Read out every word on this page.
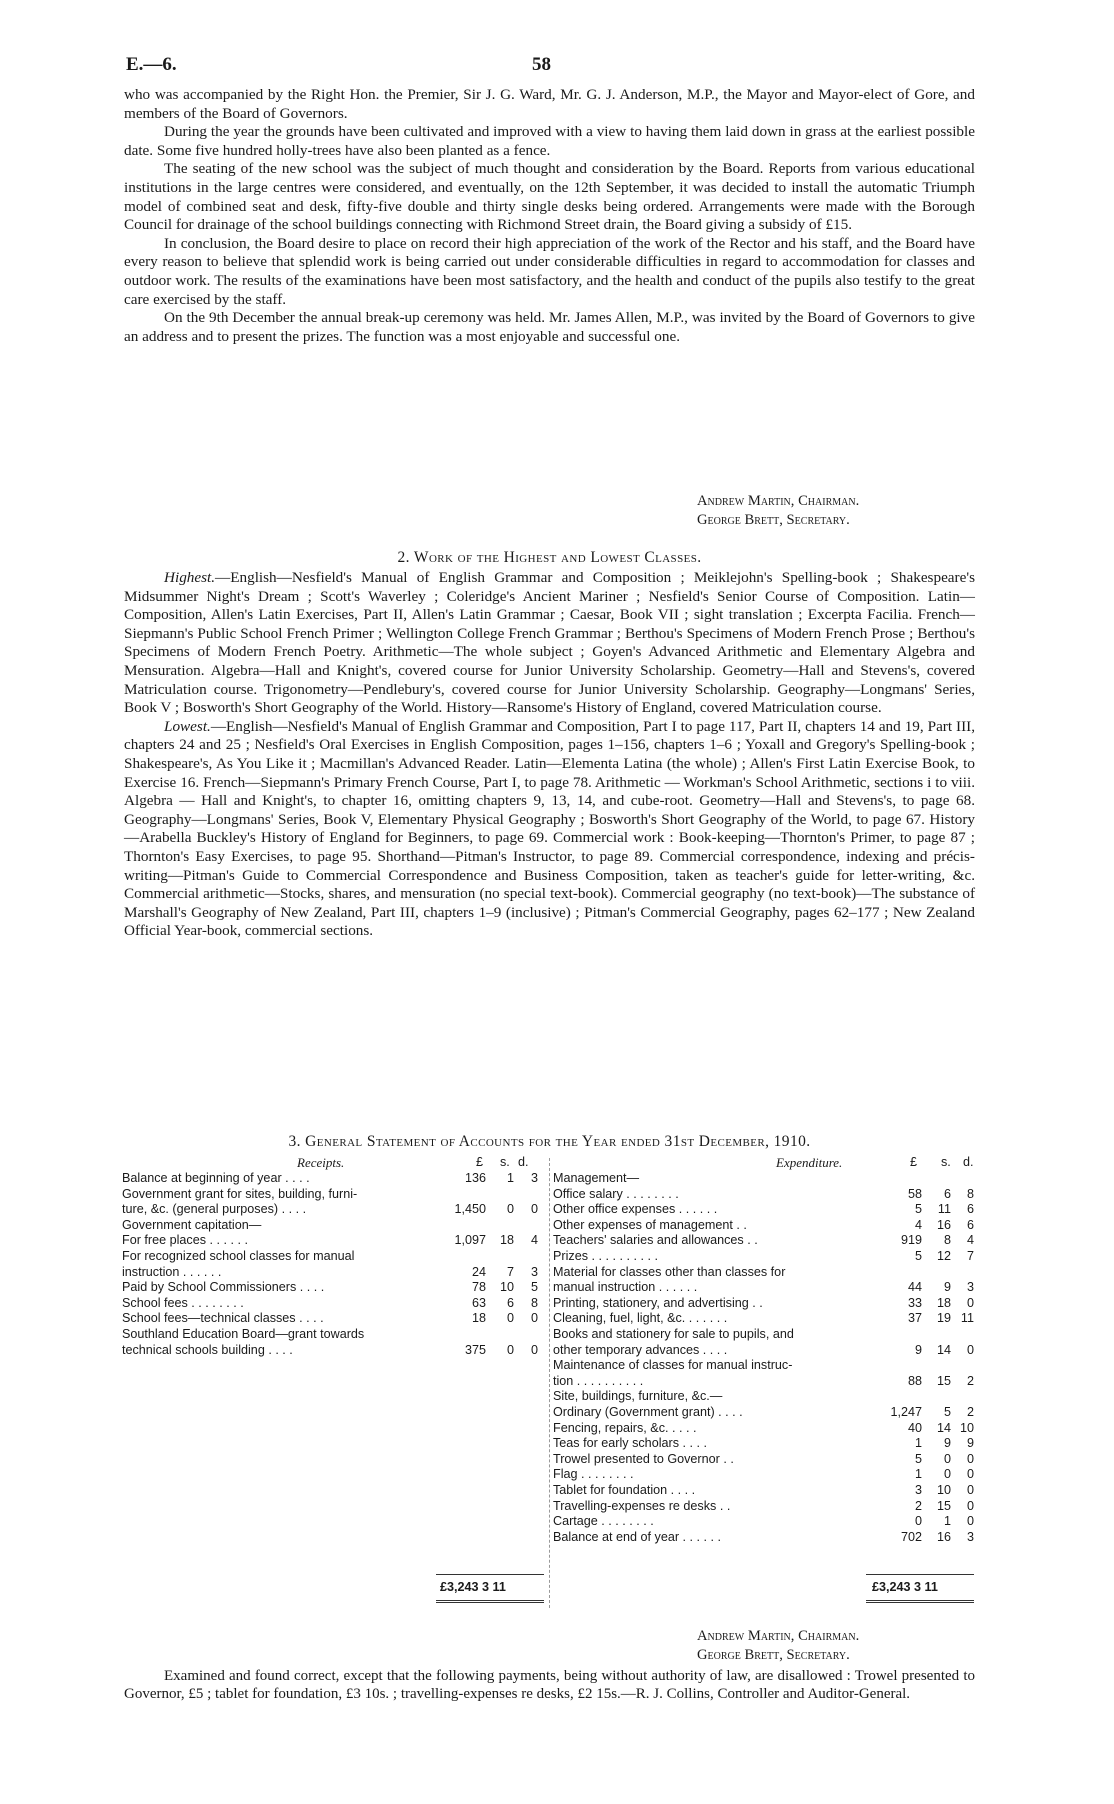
E.—6.	58

who was accompanied by the Right Hon. the Premier, Sir J. G. Ward, Mr. G. J. Anderson, M.P., the Mayor and Mayor-elect of Gore, and members of the Board of Governors.

During the year the grounds have been cultivated and improved with a view to having them laid down in grass at the earliest possible date. Some five hundred holly-trees have also been planted as a fence.

The seating of the new school was the subject of much thought and consideration by the Board. Reports from various educational institutions in the large centres were considered, and eventually, on the 12th September, it was decided to install the automatic Triumph model of combined seat and desk, fifty-five double and thirty single desks being ordered. Arrangements were made with the Borough Council for drainage of the school buildings connecting with Richmond Street drain, the Board giving a subsidy of £15.

In conclusion, the Board desire to place on record their high appreciation of the work of the Rector and his staff, and the Board have every reason to believe that splendid work is being carried out under considerable difficulties in regard to accommodation for classes and outdoor work. The results of the examinations have been most satisfactory, and the health and conduct of the pupils also testify to the great care exercised by the staff.

On the 9th December the annual break-up ceremony was held. Mr. James Allen, M.P., was invited by the Board of Governors to give an address and to present the prizes. The function was a most enjoyable and successful one.

Andrew Martin, Chairman.
George Brett, Secretary.
2. Work of the Highest and Lowest Classes.

Highest.—English—Nesfield's Manual of English Grammar and Composition ; Meiklejohn's Spelling-book ; Shakespeare's Midsummer Night's Dream ; Scott's Waverley ; Coleridge's Ancient Mariner ; Nesfield's Senior Course of Composition. Latin—Composition, Allen's Latin Exercises, Part II, Allen's Latin Grammar ; Caesar, Book VII ; sight translation ; Excerpta Facilia. French—Siepmann's Public School French Primer ; Wellington College French Grammar ; Berthou's Specimens of Modern French Prose ; Berthou's Specimens of Modern French Poetry. Arithmetic—The whole subject ; Goyen's Advanced Arithmetic and Elementary Algebra and Mensuration. Algebra—Hall and Knight's, covered course for Junior University Scholarship. Geometry—Hall and Stevens's, covered Matriculation course. Trigonometry—Pendlebury's, covered course for Junior University Scholarship. Geography—Longmans' Series, Book V ; Bosworth's Short Geography of the World. History—Ransome's History of England, covered Matriculation course.

Lowest.—English—Nesfield's Manual of English Grammar and Composition, Part I to page 117, Part II, chapters 14 and 19, Part III, chapters 24 and 25 ; Nesfield's Oral Exercises in English Composition, pages 1–156, chapters 1–6 ; Yoxall and Gregory's Spelling-book ; Shakespeare's, As You Like it ; Macmillan's Advanced Reader. Latin—Elementa Latina (the whole) ; Allen's First Latin Exercise Book, to Exercise 16. French—Siepmann's Primary French Course, Part I, to page 78. Arithmetic — Workman's School Arithmetic, sections i to viii. Algebra — Hall and Knight's, to chapter 16, omitting chapters 9, 13, 14, and cube-root. Geometry—Hall and Stevens's, to page 68. Geography—Longmans' Series, Book V, Elementary Physical Geography ; Bosworth's Short Geography of the World, to page 67. History—Arabella Buckley's History of England for Beginners, to page 69. Commercial work : Book-keeping—Thornton's Primer, to page 87 ; Thornton's Easy Exercises, to page 95. Shorthand—Pitman's Instructor, to page 89. Commercial correspondence, indexing and précis-writing—Pitman's Guide to Commercial Correspondence and Business Composition, taken as teacher's guide for letter-writing, &c. Commercial arithmetic—Stocks, shares, and mensuration (no special text-book). Commercial geography (no text-book)—The substance of Marshall's Geography of New Zealand, Part III, chapters 1–9 (inclusive) ; Pitman's Commercial Geography, pages 62–177 ; New Zealand Official Year-book, commercial sections.

3. General Statement of Accounts for the Year ended 31st December, 1910.
Receipts.	£ s. d.
Balance at beginning of year . . . .	136 1 3
Government grant for sites, building, furni-
ture, &c. (general purposes) . . . .	1,450 0 0
Government capitation—
For free places . . . . . .	1,097 18 4
For recognized school classes for manual
instruction . . . . . .	24 7 3
Paid by School Commissioners . . . .	78 10 5
School fees . . . . . . . .	63 6 8
School fees—technical classes . . . .	18 0 0
Southland Education Board—grant towards
technical schools building . . . .	375 0 0
Expenditure.	£ s. d.
Management—
Office salary . . . . . . . .	58 6 8
Other office expenses . . . . . .	5 11 6
Other expenses of management . .	4 16 6
Teachers' salaries and allowances . .	919 8 4
Prizes . . . . . . . . . .	5 12 7
Material for classes other than classes for
manual instruction . . . . . .	44 9 3
Printing, stationery, and advertising . .	33 18 0
Cleaning, fuel, light, &c. . . . . . .	37 19 11
Books and stationery for sale to pupils, and
other temporary advances . . . .	9 14 0
Maintenance of classes for manual instruc-
tion . . . . . . . . . .	88 15 2
Site, buildings, furniture, &c.—
Ordinary (Government grant) . . . .	1,247 5 2
Fencing, repairs, &c. . . . .	40 14 10
Teas for early scholars . . . .	1 9 9
Trowel presented to Governor . .	5 0 0
Flag . . . . . . . .	1 0 0
Tablet for foundation . . . .	3 10 0
Travelling-expenses re desks . .	2 15 0
Cartage . . . . . . . .	0 1 0
Balance at end of year . . . . . .	702 16 3
£3,243 3 11	£3,243 3 11
Andrew Martin, Chairman.
George Brett, Secretary.

Examined and found correct, except that the following payments, being without authority of law, are disallowed : Trowel presented to Governor, £5 ; tablet for foundation, £3 10s. ; travelling-expenses re desks, £2 15s.—R. J. Collins, Controller and Auditor-General.
